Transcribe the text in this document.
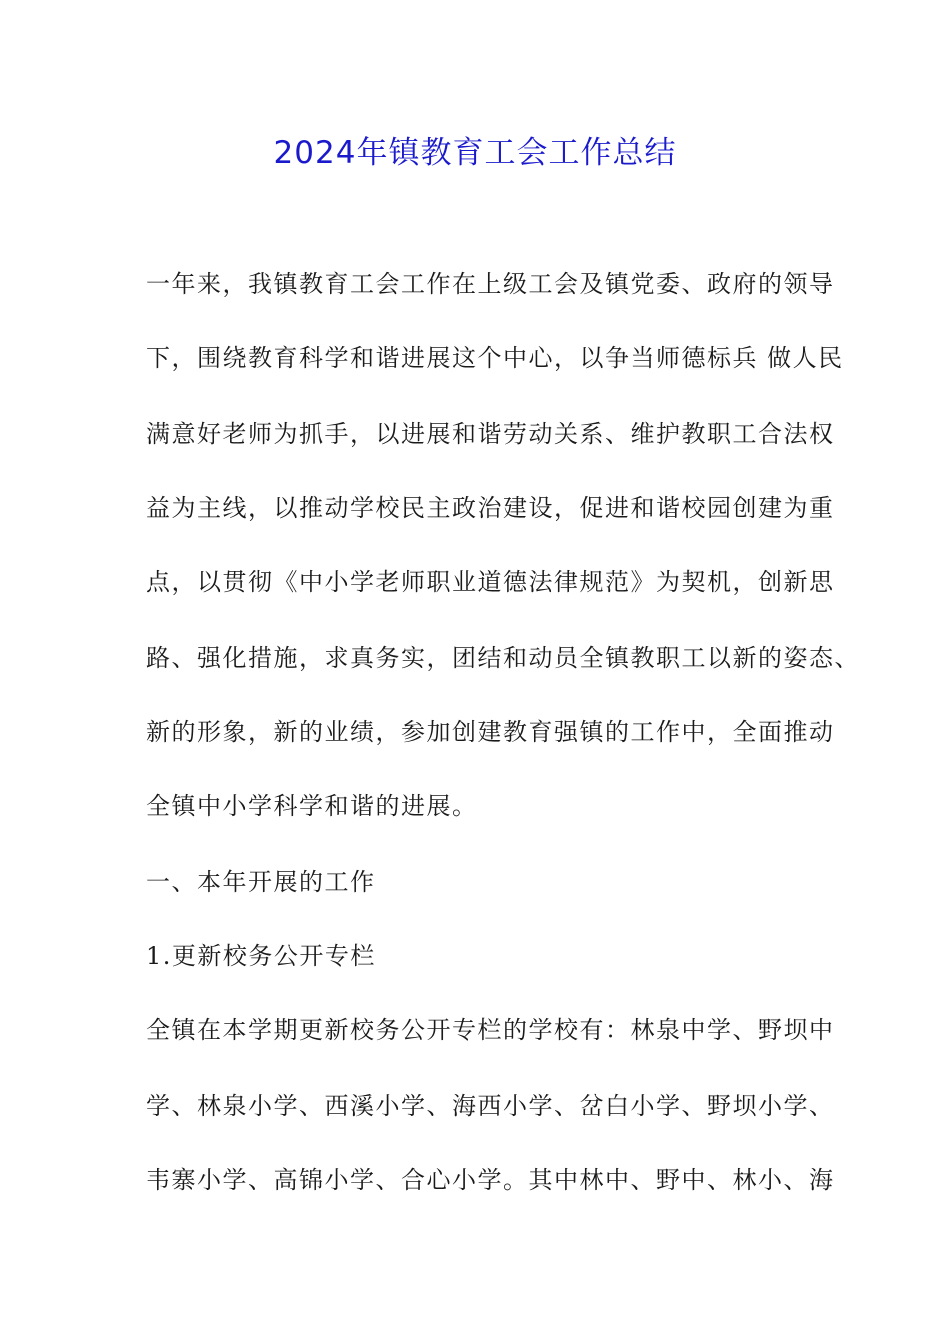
2024年镇教育工会工作总结

一年来，我镇教育工会工作在上级工会及镇党委、政府的领导

下，围绕教育科学和谐进展这个中心，以争当师德标兵 做人民

满意好老师为抓手，以进展和谐劳动关系、维护教职工合法权

益为主线，以推动学校民主政治建设，促进和谐校园创建为重

点，以贯彻《中小学老师职业道德法律规范》为契机，创新思

路、强化措施，求真务实，团结和动员全镇教职工以新的姿态、

新的形象，新的业绩，参加创建教育强镇的工作中，全面推动

全镇中小学科学和谐的进展。

一、本年开展的工作

1.更新校务公开专栏

全镇在本学期更新校务公开专栏的学校有：林泉中学、野坝中

学、林泉小学、西溪小学、海西小学、岔白小学、野坝小学、

韦寨小学、高锦小学、合心小学。其中林中、野中、林小、海
